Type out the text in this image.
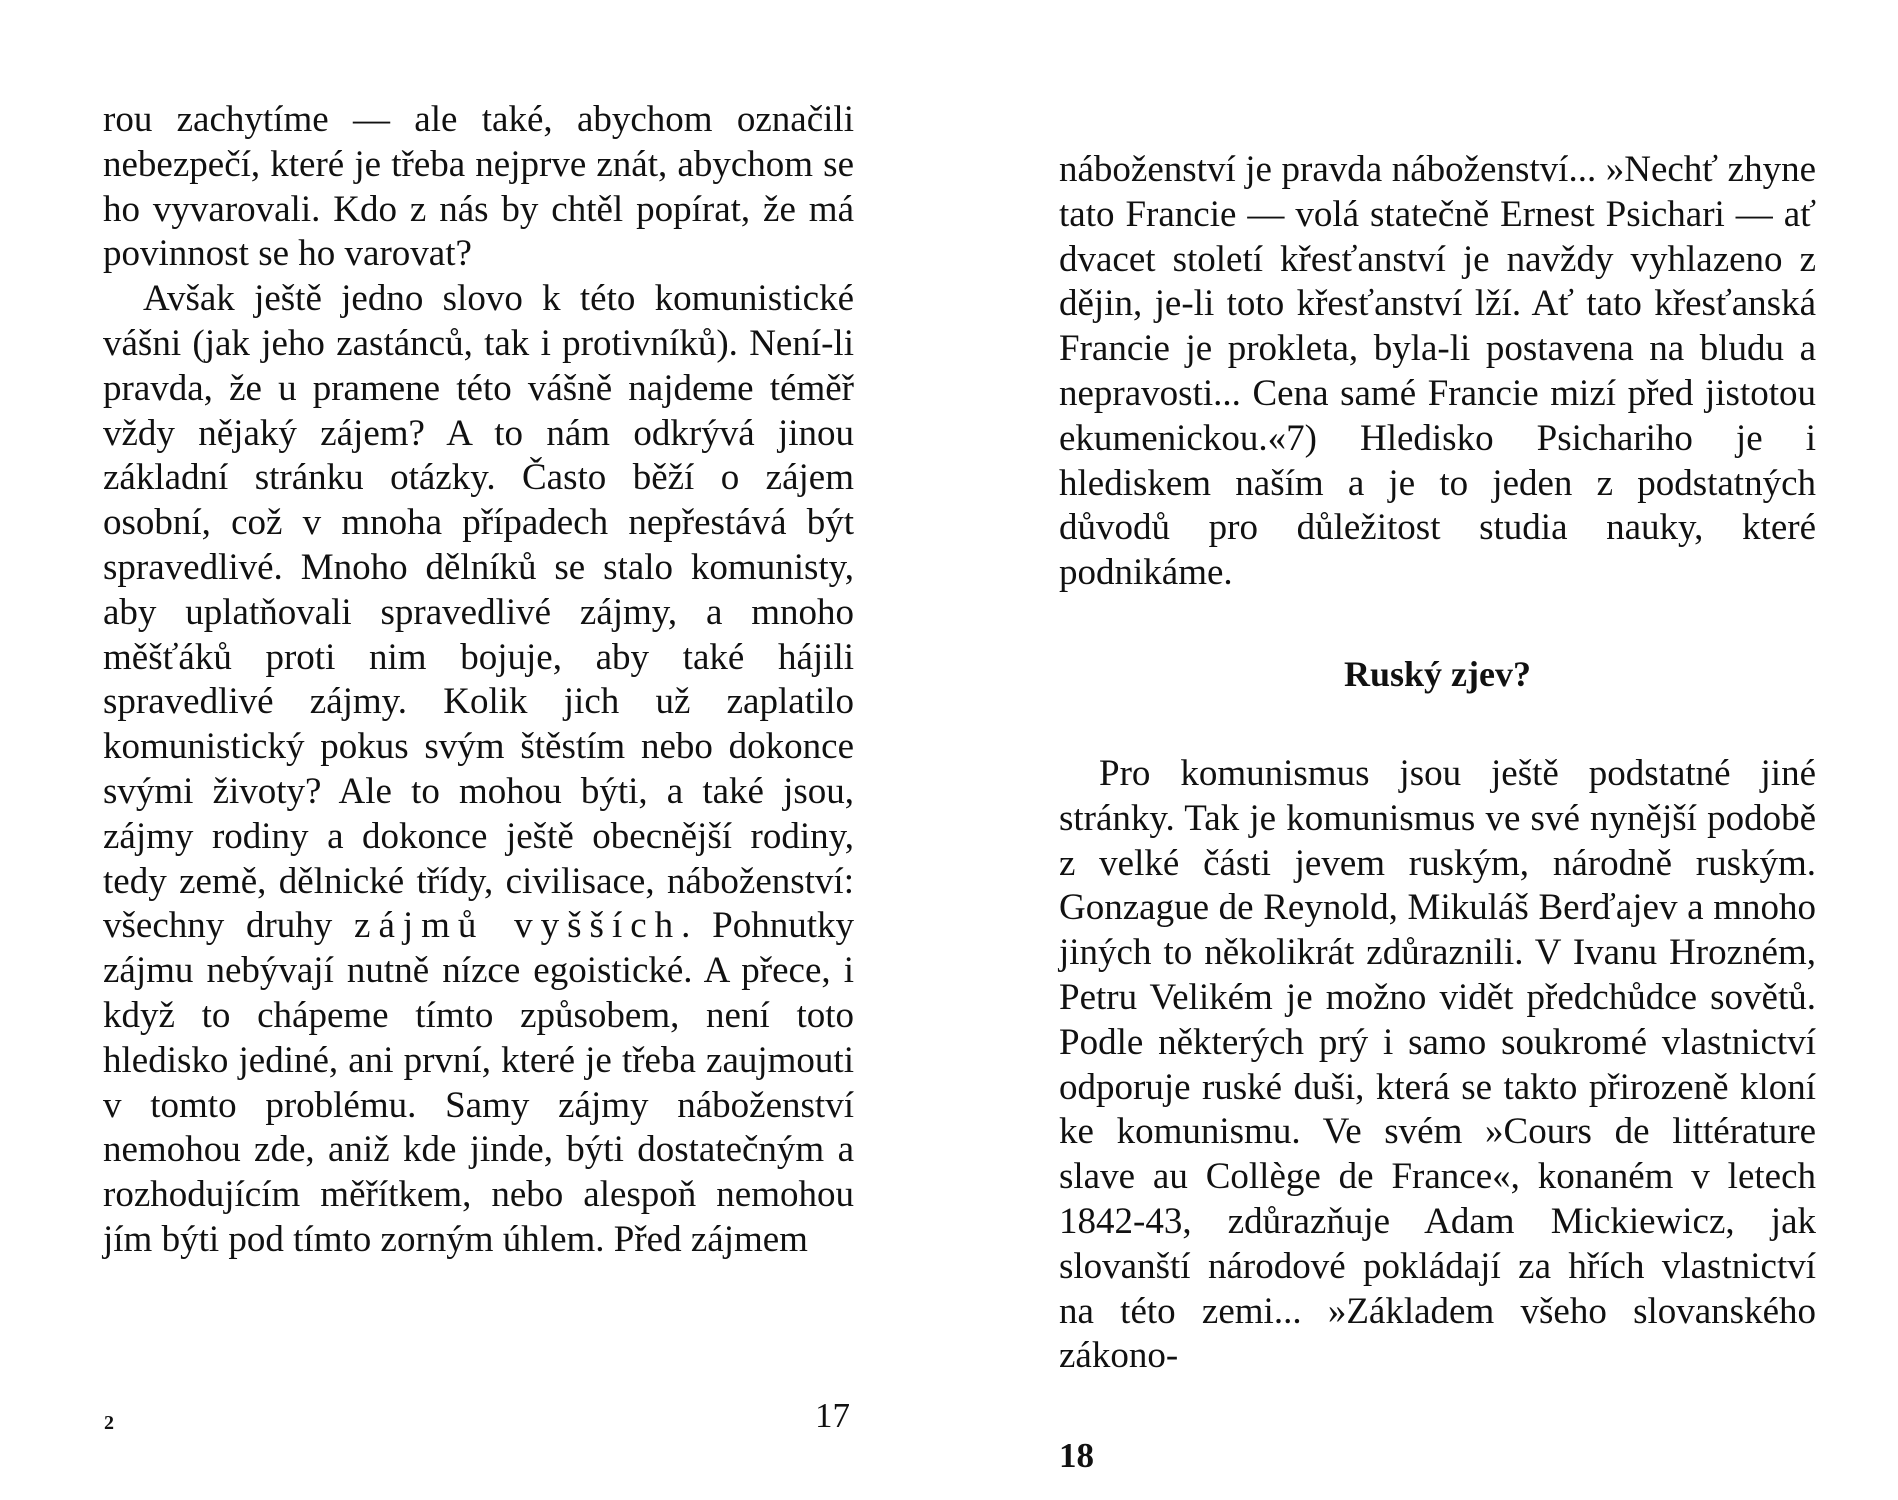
rou zachytíme — ale také, abychom označili nebezpečí, které je třeba nejprve znát, abychom se ho vyvarovali. Kdo z nás by chtěl popírat, že má povinnost se ho varovat?

Avšak ještě jedno slovo k této komunistické vášni (jak jeho zastánců, tak i protivníků). Není-li pravda, že u pramene této vášně najdeme téměř vždy nějaký zájem? A to nám odkrývá jinou základní stránku otázky. Často běží o zájem osobní, což v mnoha případech nepřestává být spravedlivé. Mnoho dělníků se stalo komunisty, aby uplatňovali spravedlivé zájmy, a mnoho měšťáků proti nim bojuje, aby také hájili spravedlivé zájmy. Kolik jich už zaplatilo komunistický pokus svým štěstím nebo dokonce svými životy? Ale to mohou býti, a také jsou, zájmy rodiny a dokonce ještě obecnější rodiny, tedy země, dělnické třídy, civilisace, náboženství: všechny druhy zájmů vyšších. Pohnutky zájmu nebývají nutně nízce egoistické. A přece, i když to chápeme tímto způsobem, není toto hledisko jediné, ani první, které je třeba zaujmouti v tomto problému. Samy zájmy náboženství nemohou zde, aniž kde jinde, býti dostatečným a rozhodujícím měřítkem, nebo alespoň nemohou jím býti pod tímto zorným úhlem. Před zájmem

2	17

náboženství je pravda náboženství... »Nechť zhyne tato Francie — volá statečně Ernest Psichari — ať dvacet století křesťanství je navždy vyhlazeno z dějin, je-li toto křesťanství lží. Ať tato křesťanská Francie je prokleta, byla-li postavena na bludu a nepravosti... Cena samé Francie mizí před jistotou ekumenickou.«7) Hledisko Psichariho je i hlediskem naším a je to jeden z podstatných důvodů pro důležitost studia nauky, které podnikáme.

Ruský zjev?

Pro komunismus jsou ještě podstatné jiné stránky. Tak je komunismus ve své nynější podobě z velké části jevem ruským, národně ruským. Gonzague de Reynold, Mikuláš Berďajev a mnoho jiných to několikrát zdůraznili. V Ivanu Hrozném, Petru Velikém je možno vidět předchůdce sovětů. Podle některých prý i samo soukromé vlastnictví odporuje ruské duši, která se takto přirozeně kloní ke komunismu. Ve svém »Cours de littérature slave au Collège de France«, konaném v letech 1842-43, zdůrazňuje Adam Mickiewicz, jak slovanští národové pokládají za hřích vlastnictví na této zemi... »Základem všeho slovanského zákono-

18
